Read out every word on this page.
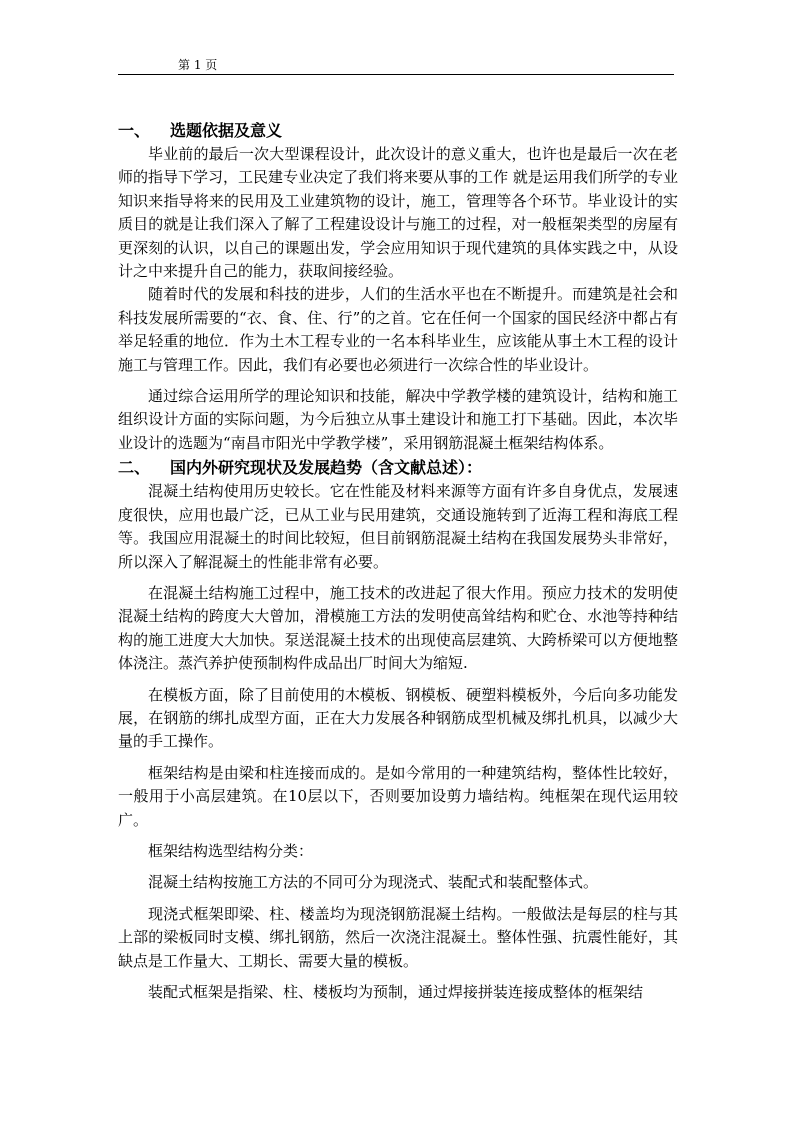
第 1 页
一、 选题依据及意义

毕业前的最后一次大型课程设计，此次设计的意义重大，也许也是最后一次在老师的指导下学习，工民建专业决定了我们将来要从事的工作 就是运用我们所学的专业知识来指导将来的民用及工业建筑物的设计，施工，管理等各个环节。毕业设计的实质目的就是让我们深入了解了工程建设设计与施工的过程，对一般框架类型的房屋有更深刻的认识，以自己的课题出发，学会应用知识于现代建筑的具体实践之中，从设计之中来提升自己的能力，获取间接经验。

随着时代的发展和科技的进步，人们的生活水平也在不断提升。而建筑是社会和科技发展所需要的“衣、食、住、行”的之首。它在任何一个国家的国民经济中都占有举足轻重的地位．作为土木工程专业的一名本科毕业生，应该能从事土木工程的设计施工与管理工作。因此，我们有必要也必须进行一次综合性的毕业设计。

通过综合运用所学的理论知识和技能，解决中学教学楼的建筑设计，结构和施工组织设计方面的实际问题，为今后独立从事土建设计和施工打下基础。因此，本次毕业设计的选题为“南昌市阳光中学教学楼”，采用钢筋混凝土框架结构体系。

二、 国内外研究现状及发展趋势（含文献总述）：

混凝土结构使用历史较长。它在性能及材料来源等方面有许多自身优点，发展速度很快，应用也最广泛，已从工业与民用建筑，交通设施转到了近海工程和海底工程等。我国应用混凝土的时间比较短，但目前钢筋混凝土结构在我国发展势头非常好，所以深入了解混凝土的性能非常有必要。

在混凝土结构施工过程中，施工技术的改进起了很大作用。预应力技术的发明使混凝土结构的跨度大大曾加，滑模施工方法的发明使高耸结构和贮仓、水池等持种结构的施工进度大大加快。泵送混凝土技术的出现使高层建筑、大跨桥梁可以方便地整体浇注。蒸汽养护使预制构件成品出厂时间大为缩短.

在模板方面，除了目前使用的木模板、钢模板、硬塑料模板外，今后向多功能发展，在钢筋的绑扎成型方面，正在大力发展各种钢筋成型机械及绑扎机具，以减少大量的手工操作。

框架结构是由梁和柱连接而成的。是如今常用的一种建筑结构，整体性比较好，一般用于小高层建筑。在10层以下，否则要加设剪力墙结构。纯框架在现代运用较广。

框架结构选型结构分类：

混凝土结构按施工方法的不同可分为现浇式、装配式和装配整体式。

现浇式框架即梁、柱、楼盖均为现浇钢筋混凝土结构。一般做法是每层的柱与其上部的梁板同时支模、绑扎钢筋，然后一次浇注混凝土。整体性强、抗震性能好，其缺点是工作量大、工期长、需要大量的模板。

装配式框架是指梁、柱、楼板均为预制，通过焊接拼装连接成整体的框架结
